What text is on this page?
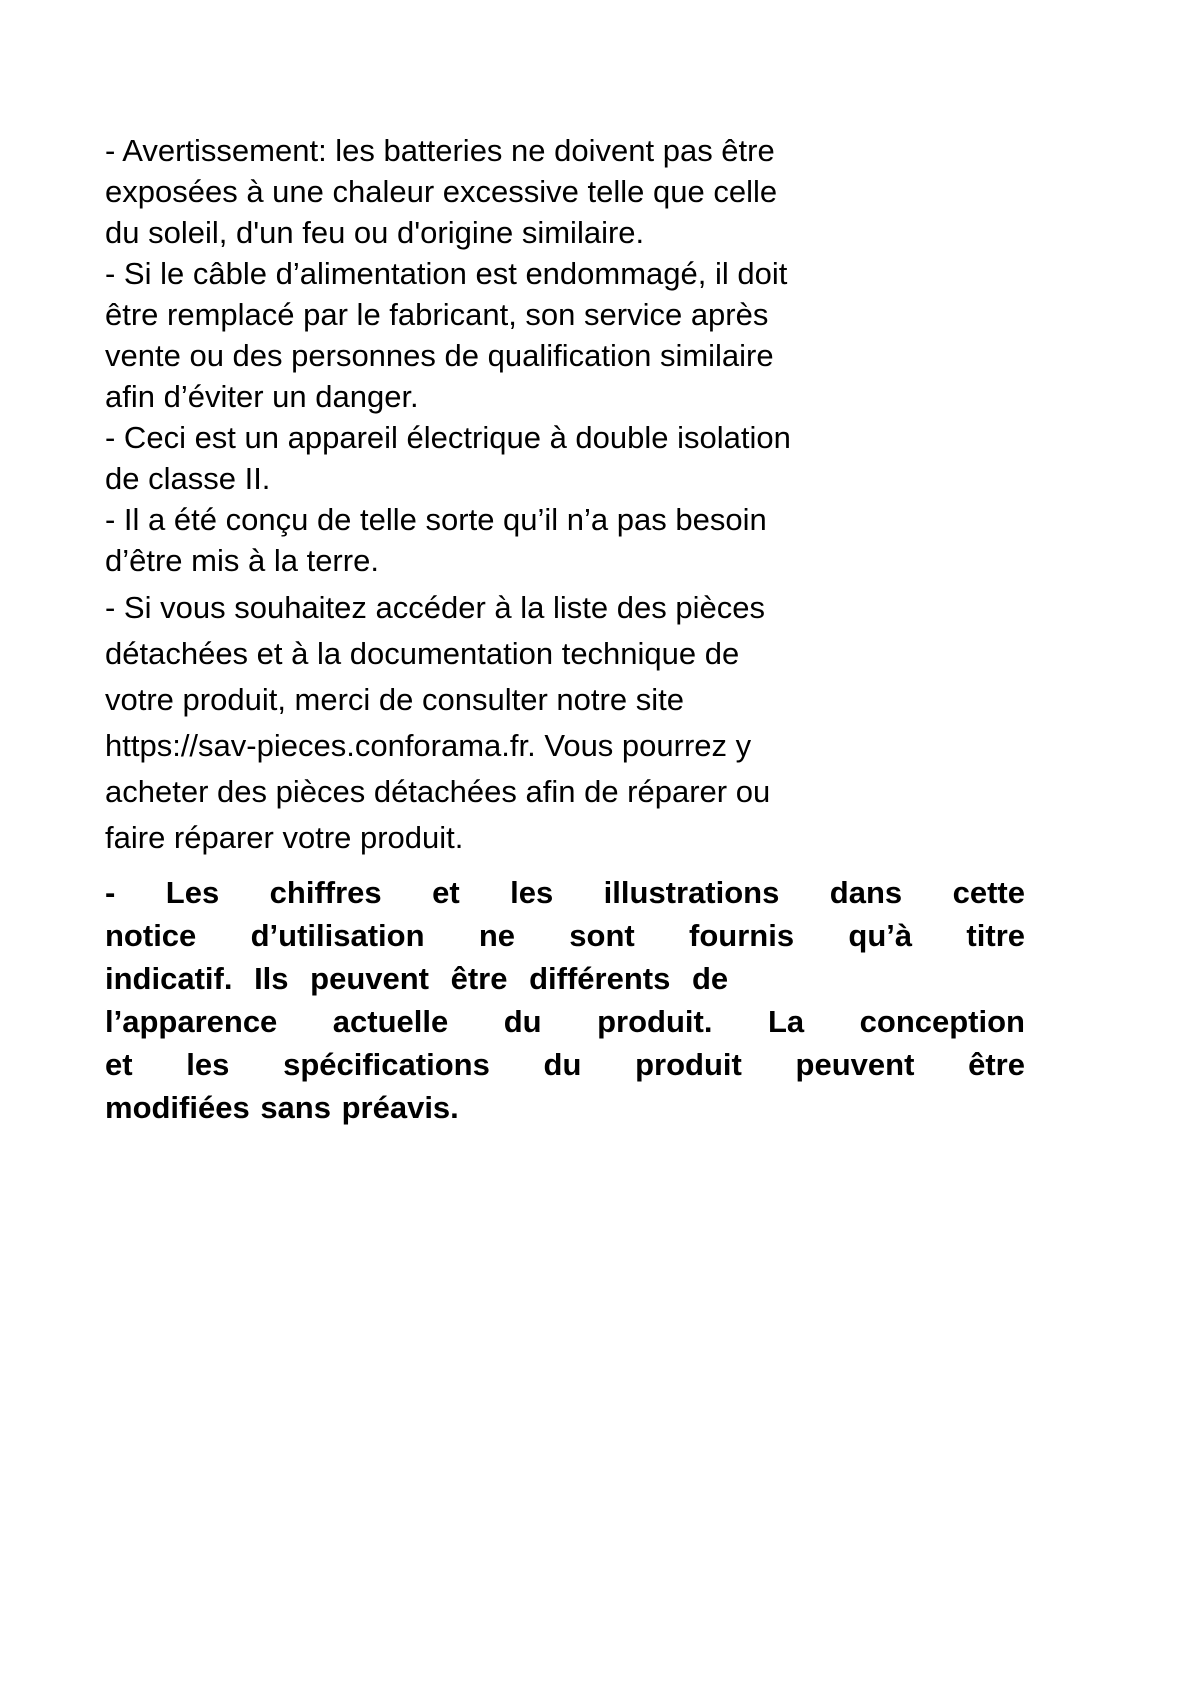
- Avertissement: les batteries ne doivent pas être
exposées à une chaleur excessive telle que celle
du soleil, d'un feu ou d'origine similaire.
- Si le câble d’alimentation est endommagé, il doit
être remplacé par le fabricant, son service après
vente ou des personnes de qualification similaire
afin d’éviter un danger.
- Ceci est un appareil électrique à double isolation
de classe II.
- Il a été conçu de telle sorte qu’il n’a pas besoin
d’être mis à la terre.
- Si vous souhaitez accéder à la liste des pièces
détachées et à la documentation technique de
votre produit, merci de consulter notre site
https://sav-pieces.conforama.fr. Vous pourrez y
acheter des pièces détachées afin de réparer ou
faire réparer votre produit.
- Les chiffres et les illustrations dans cette
notice d’utilisation ne sont fournis qu’à titre
indicatif. Ils peuvent être différents de
l’apparence actuelle du produit. La conception
et les spécifications du produit peuvent être
modifiées sans préavis.
